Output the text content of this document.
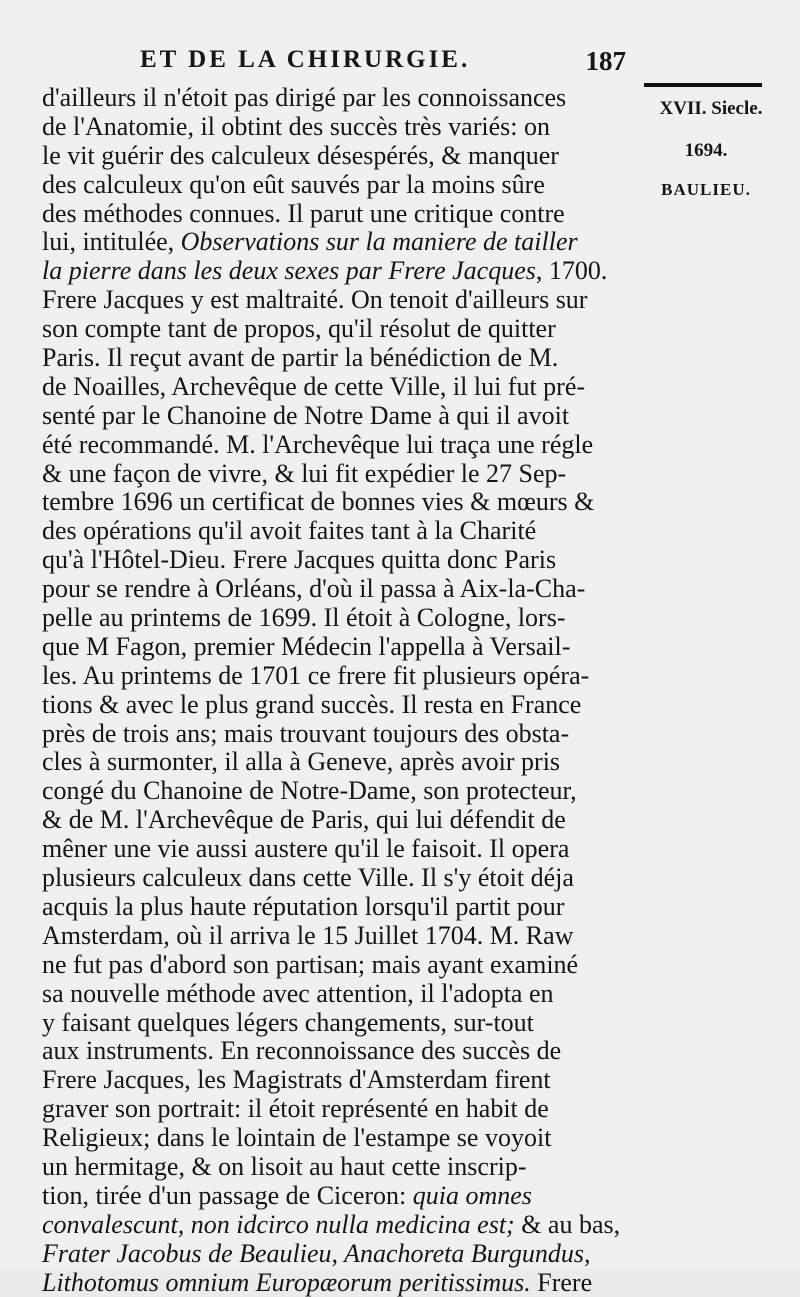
ET DE LA CHIRURGIE.	187
d'ailleurs il n'étoit pas dirigé par les connoissances
de l'Anatomie, il obtint des succès très variés: on
le vit guérir des calculeux désespérés, & manquer
des calculeux qu'on eût sauvés par la moins sûre
des méthodes connues. Il parut une critique contre
lui, intitulée, Observations sur la maniere de tailler
la pierre dans les deux sexes par Frere Jacques, 1700.
Frere Jacques y est maltraité. On tenoit d'ailleurs sur
son compte tant de propos, qu'il résolut de quitter
Paris. Il reçut avant de partir la bénédiction de M.
de Noailles, Archevêque de cette Ville, il lui fut pré-
senté par le Chanoine de Notre Dame à qui il avoit
été recommandé. M. l'Archevêque lui traça une régle
& une façon de vivre, & lui fit expédier le 27 Sep-
tembre 1696 un certificat de bonnes vies & mœurs &
des opérations qu'il avoit faites tant à la Charité
qu'à l'Hôtel-Dieu. Frere Jacques quitta donc Paris
pour se rendre à Orléans, d'où il passa à Aix-la-Cha-
pelle au printems de 1699. Il étoit à Cologne, lors-
que M Fagon, premier Médecin l'appella à Versail-
les. Au printems de 1701 ce frere fit plusieurs opéra-
tions & avec le plus grand succès. Il resta en France
près de trois ans; mais trouvant toujours des obsta-
cles à surmonter, il alla à Geneve, après avoir pris
congé du Chanoine de Notre-Dame, son protecteur,
& de M. l'Archevêque de Paris, qui lui défendit de
mêner une vie aussi austere qu'il le faisoit. Il opera
plusieurs calculeux dans cette Ville. Il s'y étoit déja
acquis la plus haute réputation lorsqu'il partit pour
Amsterdam, où il arriva le 15 Juillet 1704. M. Raw
ne fut pas d'abord son partisan; mais ayant examiné
sa nouvelle méthode avec attention, il l'adopta en
y faisant quelques légers changements, sur-tout
aux instruments. En reconnoissance des succès de
Frere Jacques, les Magistrats d'Amsterdam firent
graver son portrait: il étoit représenté en habit de
Religieux; dans le lointain de l'estampe se voyoit
un hermitage, & on lisoit au haut cette inscrip-
tion, tirée d'un passage de Ciceron: quia omnes
convalescunt, non idcirco nulla medicina est; & au bas,
Frater Jacobus de Beaulieu, Anachoreta Burgundus,
Lithotomus omnium Europæorum peritissimus. Frere
XVII. Siecle.
1694.
BAULIEU.
